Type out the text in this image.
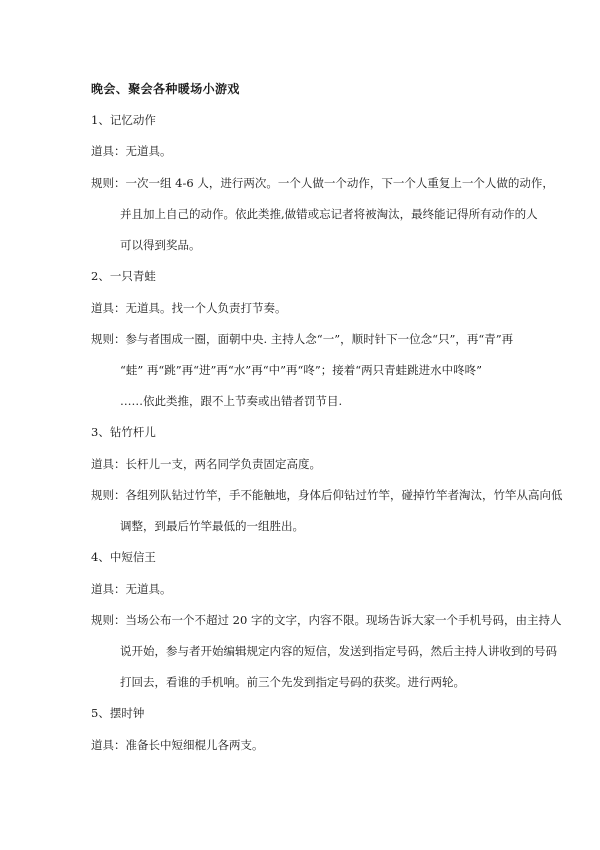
晚会、聚会各种暖场小游戏
1、记忆动作
道具：无道具。
规则：一次一组 4-6 人，进行两次。一个人做一个动作，下一个人重复上一个人做的动作，
并且加上自己的动作。依此类推,做错或忘记者将被淘汰，最终能记得所有动作的人
可以得到奖品。
2、一只青蛙
道具：无道具。找一个人负责打节奏。
规则：参与者围成一圈，面朝中央. 主持人念“一”，顺时针下一位念“只”，再“青”再
“蛙” 再“跳”再“进”再“水”再“中”再“咚”；接着“两只青蛙跳进水中咚咚”
……依此类推，跟不上节奏或出错者罚节目.
3、钻竹杆儿
道具：长杆儿一支，两名同学负责固定高度。
规则：各组列队钻过竹竿，手不能触地，身体后仰钻过竹竿，碰掉竹竿者淘汰，竹竿从高向低
调整，到最后竹竿最低的一组胜出。
4、中短信王
道具：无道具。
规则：当场公布一个不超过 20 字的文字，内容不限。现场告诉大家一个手机号码，由主持人
说开始，参与者开始编辑规定内容的短信，发送到指定号码，然后主持人讲收到的号码
打回去，看谁的手机响。前三个先发到指定号码的获奖。进行两轮。
5、摆时钟
道具：准备长中短细棍儿各两支。
